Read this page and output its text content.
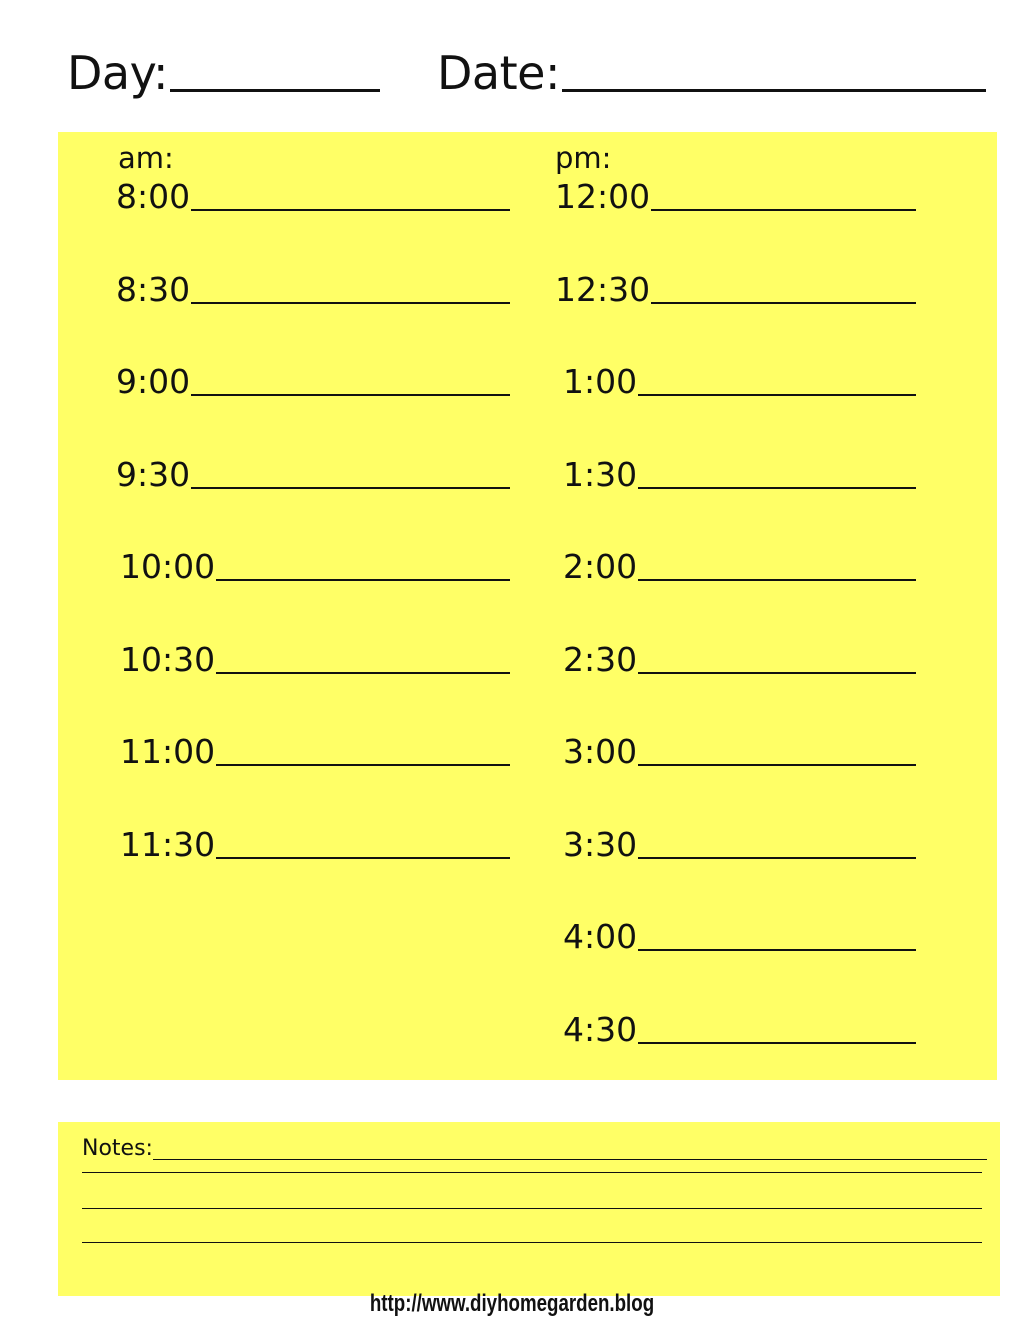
Day:	Date:
am:	pm:
8:00
8:30
9:00
9:30
10:00
10:30
11:00
11:30
12:00
12:30
1:00
1:30
2:00
2:30
3:00
3:30
4:00
4:30
Notes:
http://www.diyhomegarden.blog
